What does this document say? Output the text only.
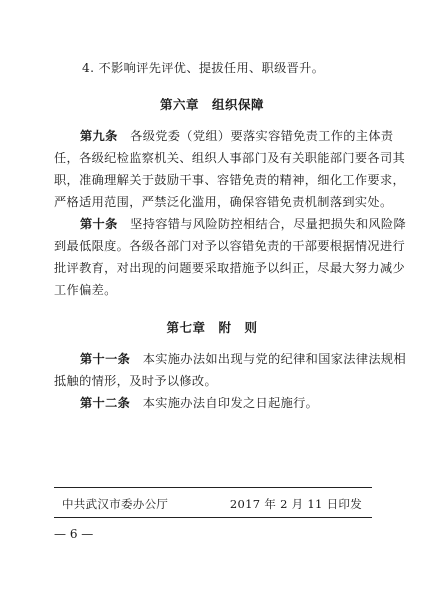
4. 不影响评先评优、提拔任用、职级晋升。
第六章　组织保障
第九条　各级党委（党组）要落实容错免责工作的主体责
任，各级纪检监察机关、组织人事部门及有关职能部门要各司其
职，准确理解关于鼓励干事、容错免责的精神，细化工作要求，
严格适用范围，严禁泛化滥用，确保容错免责机制落到实处。
第十条　坚持容错与风险防控相结合，尽量把损失和风险降
到最低限度。各级各部门对予以容错免责的干部要根据情况进行
批评教育，对出现的问题要采取措施予以纠正，尽最大努力减少
工作偏差。
第七章　附　则
第十一条　本实施办法如出现与党的纪律和国家法律法规相
抵触的情形，及时予以修改。
第十二条　本实施办法自印发之日起施行。
中共武汉市委办公厅	2017 年 2 月 11 日印发
— 6 —
